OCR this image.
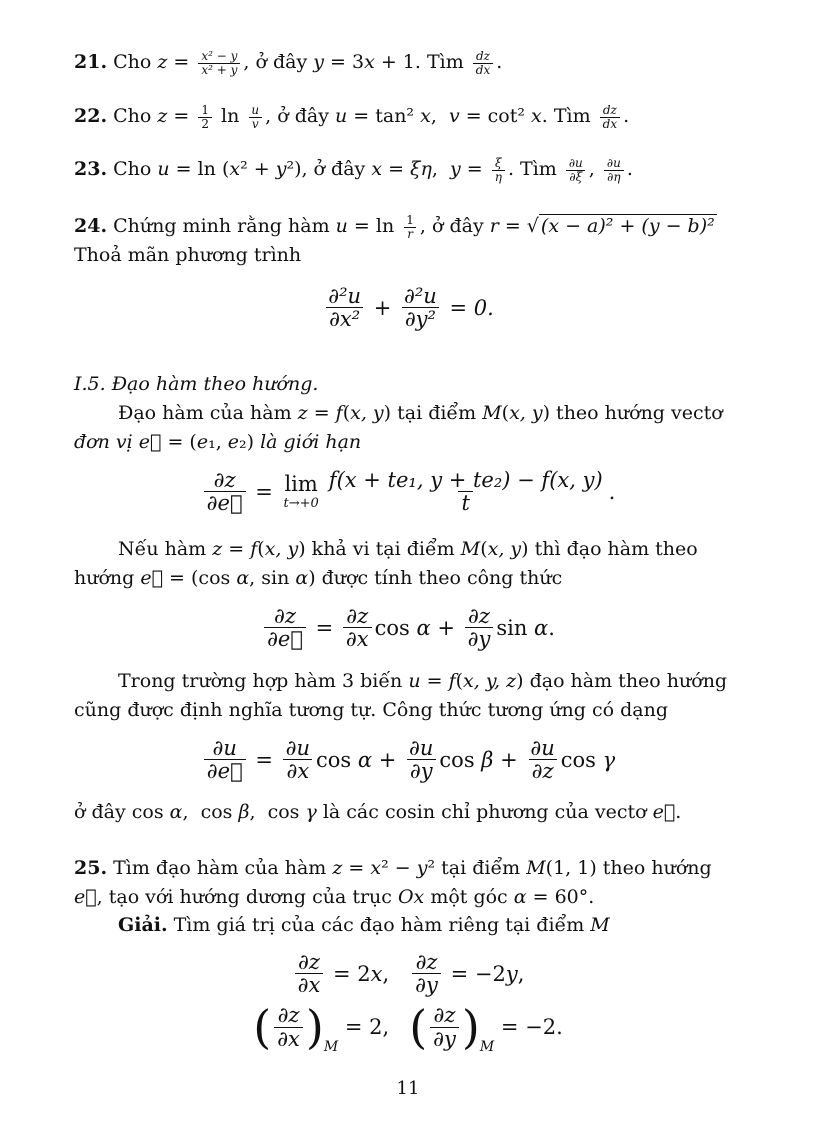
21. Cho $z = \frac{\text{x² − y}}{\text{x² + y}}$ , ở đây y = 3x + 1. Tìm $\frac{dz}{dx}$ .
22. Cho $z = \frac{1}{2}$ $\ln \frac{u}{v}$ , ở đây u = tan² x,  v = cot² x. Tìm $\frac{dz}{dx}$ .
23. Cho u = ln (x² + y²), ở đây x = ξη,  $y = \frac{\xi}{\eta}$ . Tìm $\frac{\partial u}{\partial\xi}$ , $\frac{\partial u}{\partial\eta}$ .
24. Chứng minh rằng hàm $u = \ln \frac{1}{r}$ , ở đây r = √ (x − a)² + (y − b)²
Thoả mãn phương trình
$\frac{\text{∂²u}}{\text{∂x²}} + \frac{\text{∂²u}}{\text{∂y²}} = 0$.
I.5. Đạo hàm theo hướng.
Đạo hàm của hàm z = f(x, y) tại điểm M(x, y) theo hướng vectơ
đơn vị e⃗ = (e₁, e₂) là giới hạn
$\frac{\partial z}{\partial e⃗} = \lim$
$t\to+0 \frac{\text{f(x + te₁, y + te₂) − f(x, y)}}{t}$ .
Nếu hàm z = f(x, y) khả vi tại điểm M(x, y) thì đạo hàm theo
hướng e⃗ = (cos α, sin α) được tính theo công thức
$\frac{\partial z}{\partial e⃗} = \frac{\partial z}{\partial x}$ $\cos \alpha + \frac{\partial z}{\partial y}$ sin α .
Trong trường hợp hàm 3 biến u = f(x, y, z) đạo hàm theo hướng
cũng được định nghĩa tương tự. Công thức tương ứng có dạng
$\frac{\partial u}{\partial e⃗} = \frac{\partial u}{\partial x}$ $\cos \alpha + \frac{\partial u}{\partial y}$ $\cos \beta + \frac{\partial u}{\partial z}$ cos γ
ở đây cos α,  cos β,  cos γ là các cosin chỉ phương của vectơ e⃗.
25. Tìm đạo hàm của hàm z = x² − y² tại điểm M(1, 1) theo hướng
e⃗, tạo với hướng dương của trục Ox một góc α = 60°.
Giải. Tìm giá trị của các đạo hàm riêng tại điểm M
$\frac{\partial z}{\partial x} = 2$ x , $\frac{\partial z}{\partial y} = -2$ y ,
( $\frac{\partial z}{\partial x}$ ) M
= 2, ( $\frac{\partial z}{\partial y}$ ) M
= −2.
11
